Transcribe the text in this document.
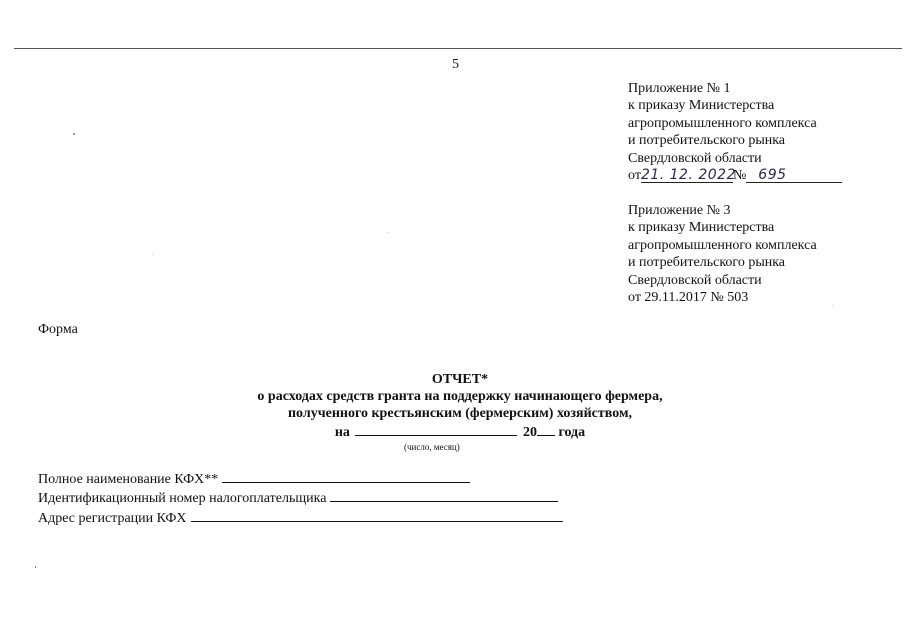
5
Приложение № 1
к приказу Министерства
агропромышленного комплекса
и потребительского рынка
Свердловской области
от21. 12. 2022№ 695
Приложение № 3
к приказу Министерства
агропромышленного комплекса
и потребительского рынка
Свердловской области
от 29.11.2017 № 503
Форма
ОТЧЕТ*
о расходах средств гранта на поддержку начинающего фермера,
полученного крестьянским (фермерским) хозяйством,
на	20 года
(число, месяц)
Полное наименование КФХ**
Идентификационный номер налогоплательщика
Адрес регистрации КФХ
